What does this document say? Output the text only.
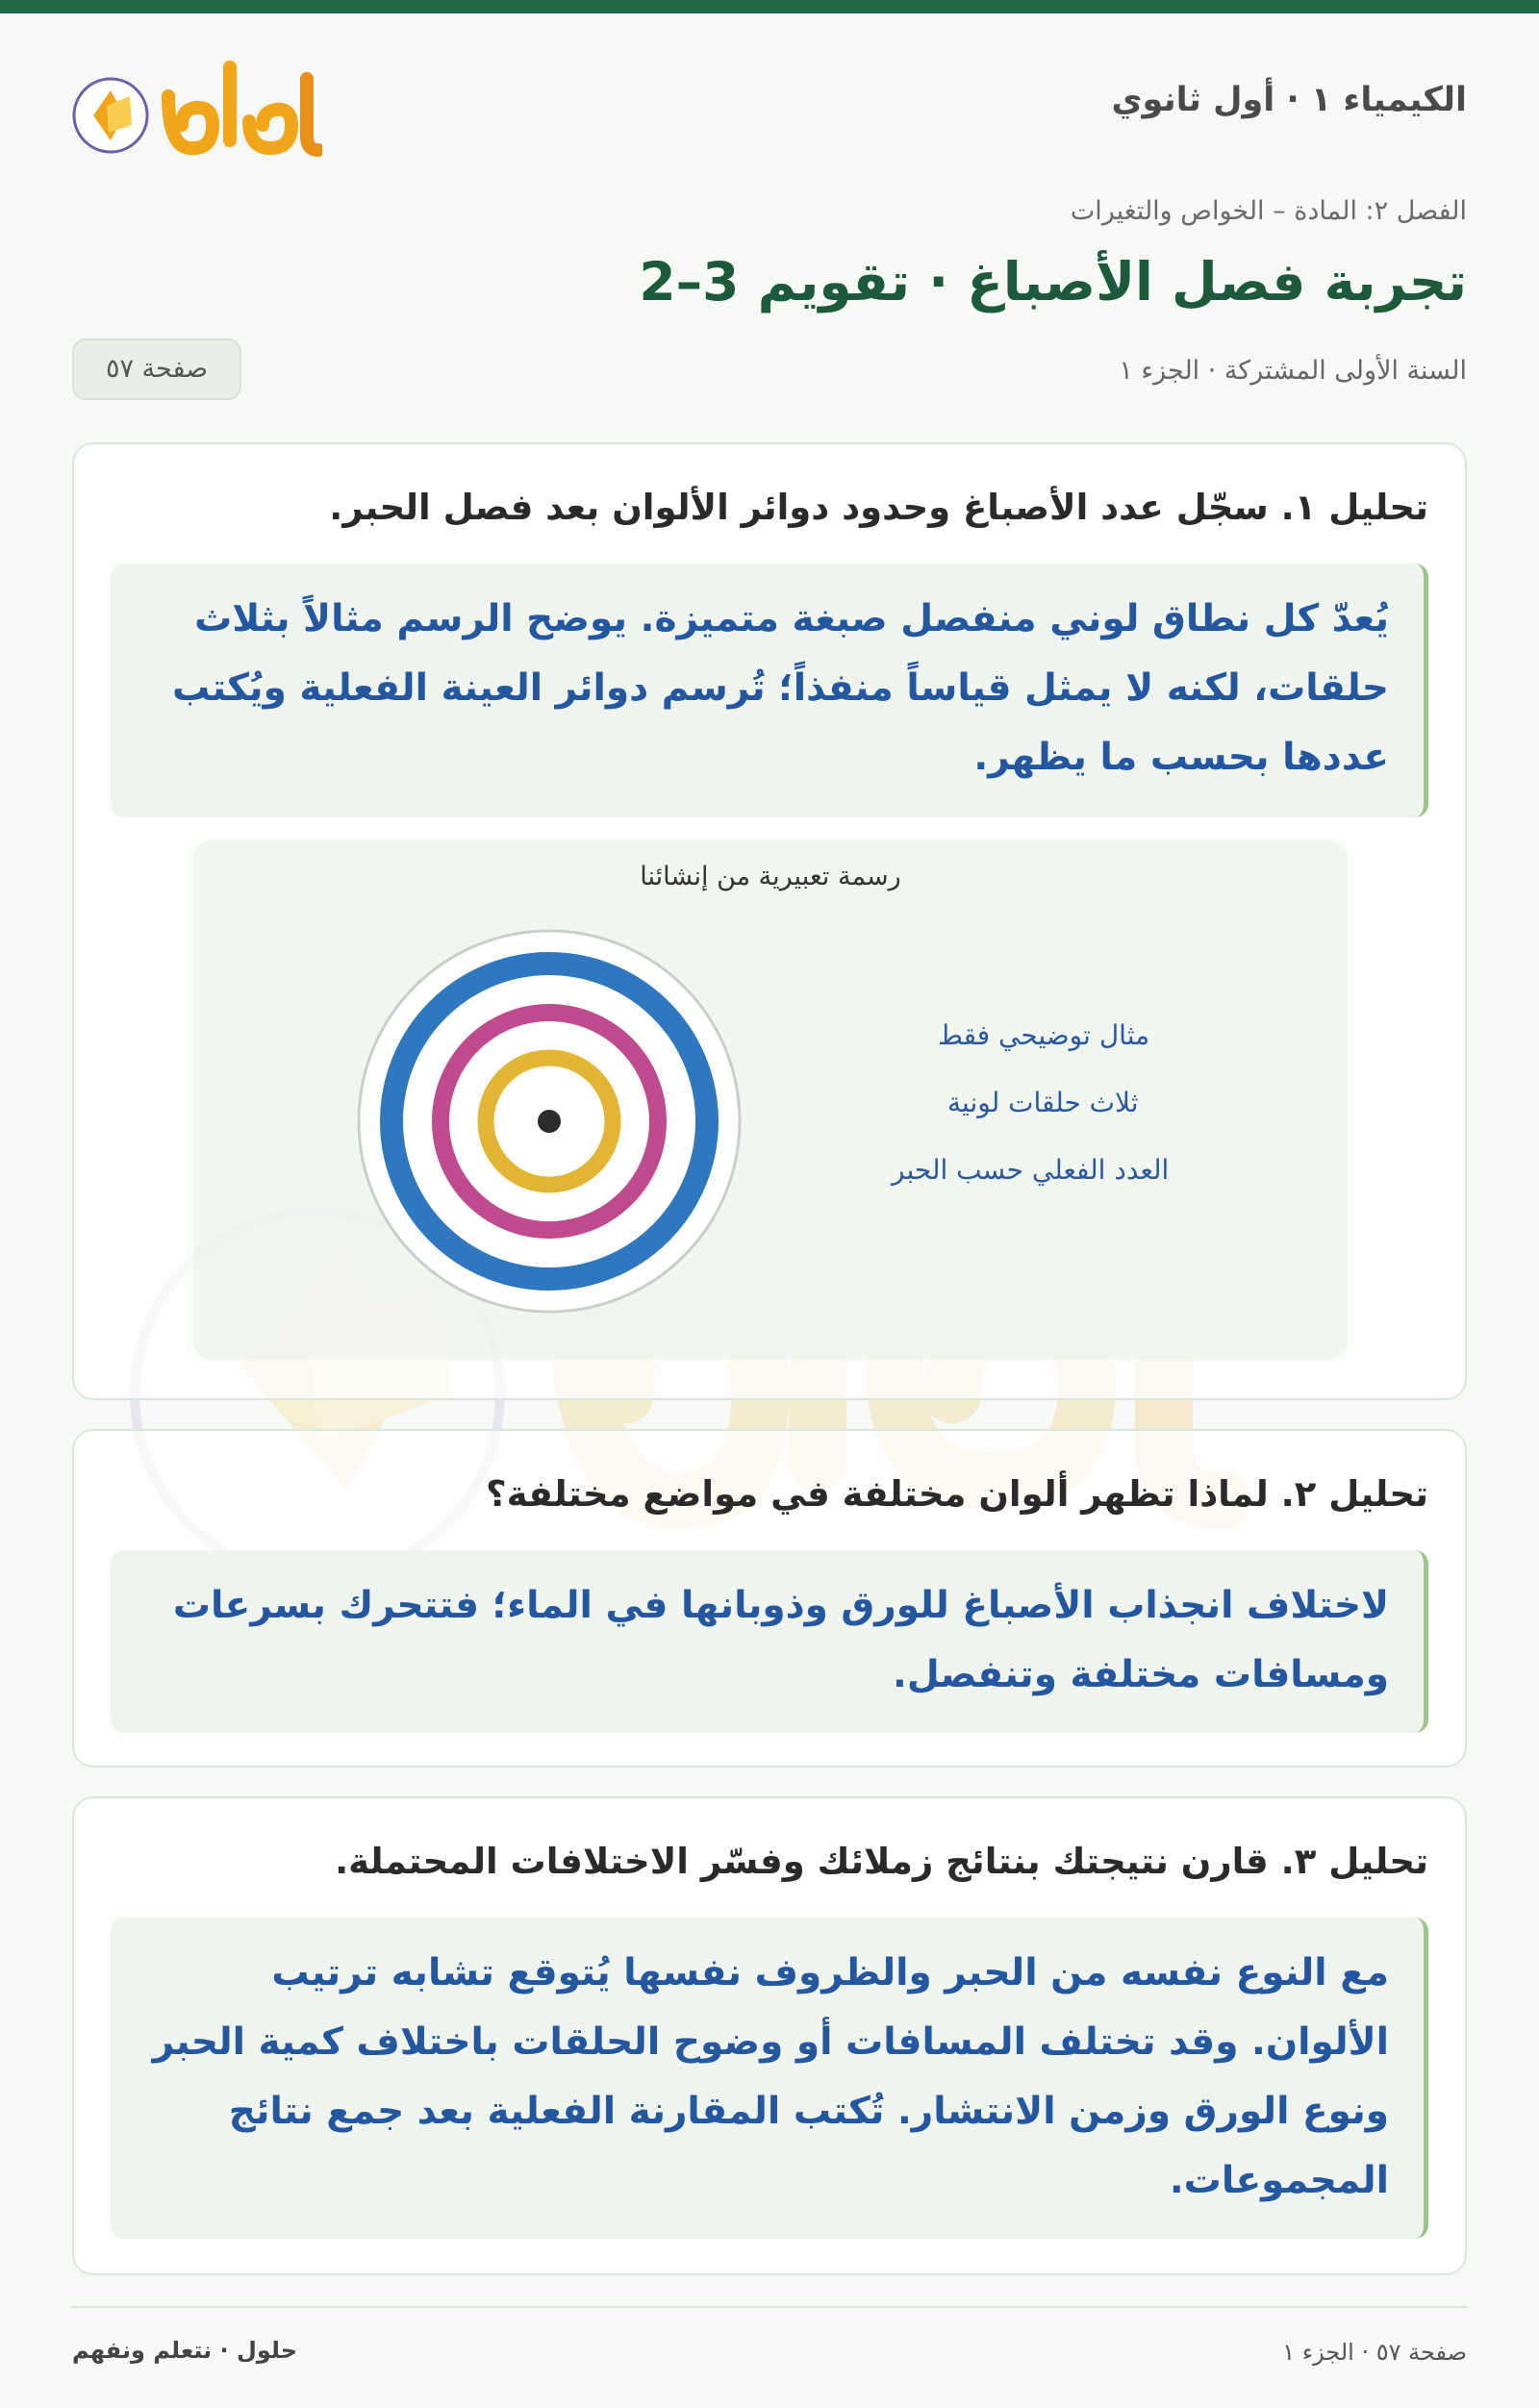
الكيمياء ١ · أول ثانوي
الفصل ٢: المادة – الخواص والتغيرات
تجربة فصل الأصباغ · تقويم 3–2
السنة الأولى المشتركة · الجزء ١
صفحة ٥٧
تحليل ١. سجّل عدد الأصباغ وحدود دوائر الألوان بعد فصل الحبر.
يُعدّ كل نطاق لوني منفصل صبغة متميزة. يوضح الرسم مثالاً بثلاث حلقات، لكنه لا يمثل قياساً منفذاً؛ تُرسم دوائر العينة الفعلية ويُكتب عددها بحسب ما يظهر.
رسمة تعبيرية من إنشائنا
مثال توضيحي فقط
ثلاث حلقات لونية
العدد الفعلي حسب الحبر
تحليل ٢. لماذا تظهر ألوان مختلفة في مواضع مختلفة؟
لاختلاف انجذاب الأصباغ للورق وذوبانها في الماء؛ فتتحرك بسرعات ومسافات مختلفة وتنفصل.
تحليل ٣. قارن نتيجتك بنتائج زملائك وفسّر الاختلافات المحتملة.
مع النوع نفسه من الحبر والظروف نفسها يُتوقع تشابه ترتيب الألوان. وقد تختلف المسافات أو وضوح الحلقات باختلاف كمية الحبر ونوع الورق وزمن الانتشار. تُكتب المقارنة الفعلية بعد جمع نتائج المجموعات.
حلول · نتعلم ونفهم	صفحة ٥٧ · الجزء ١
